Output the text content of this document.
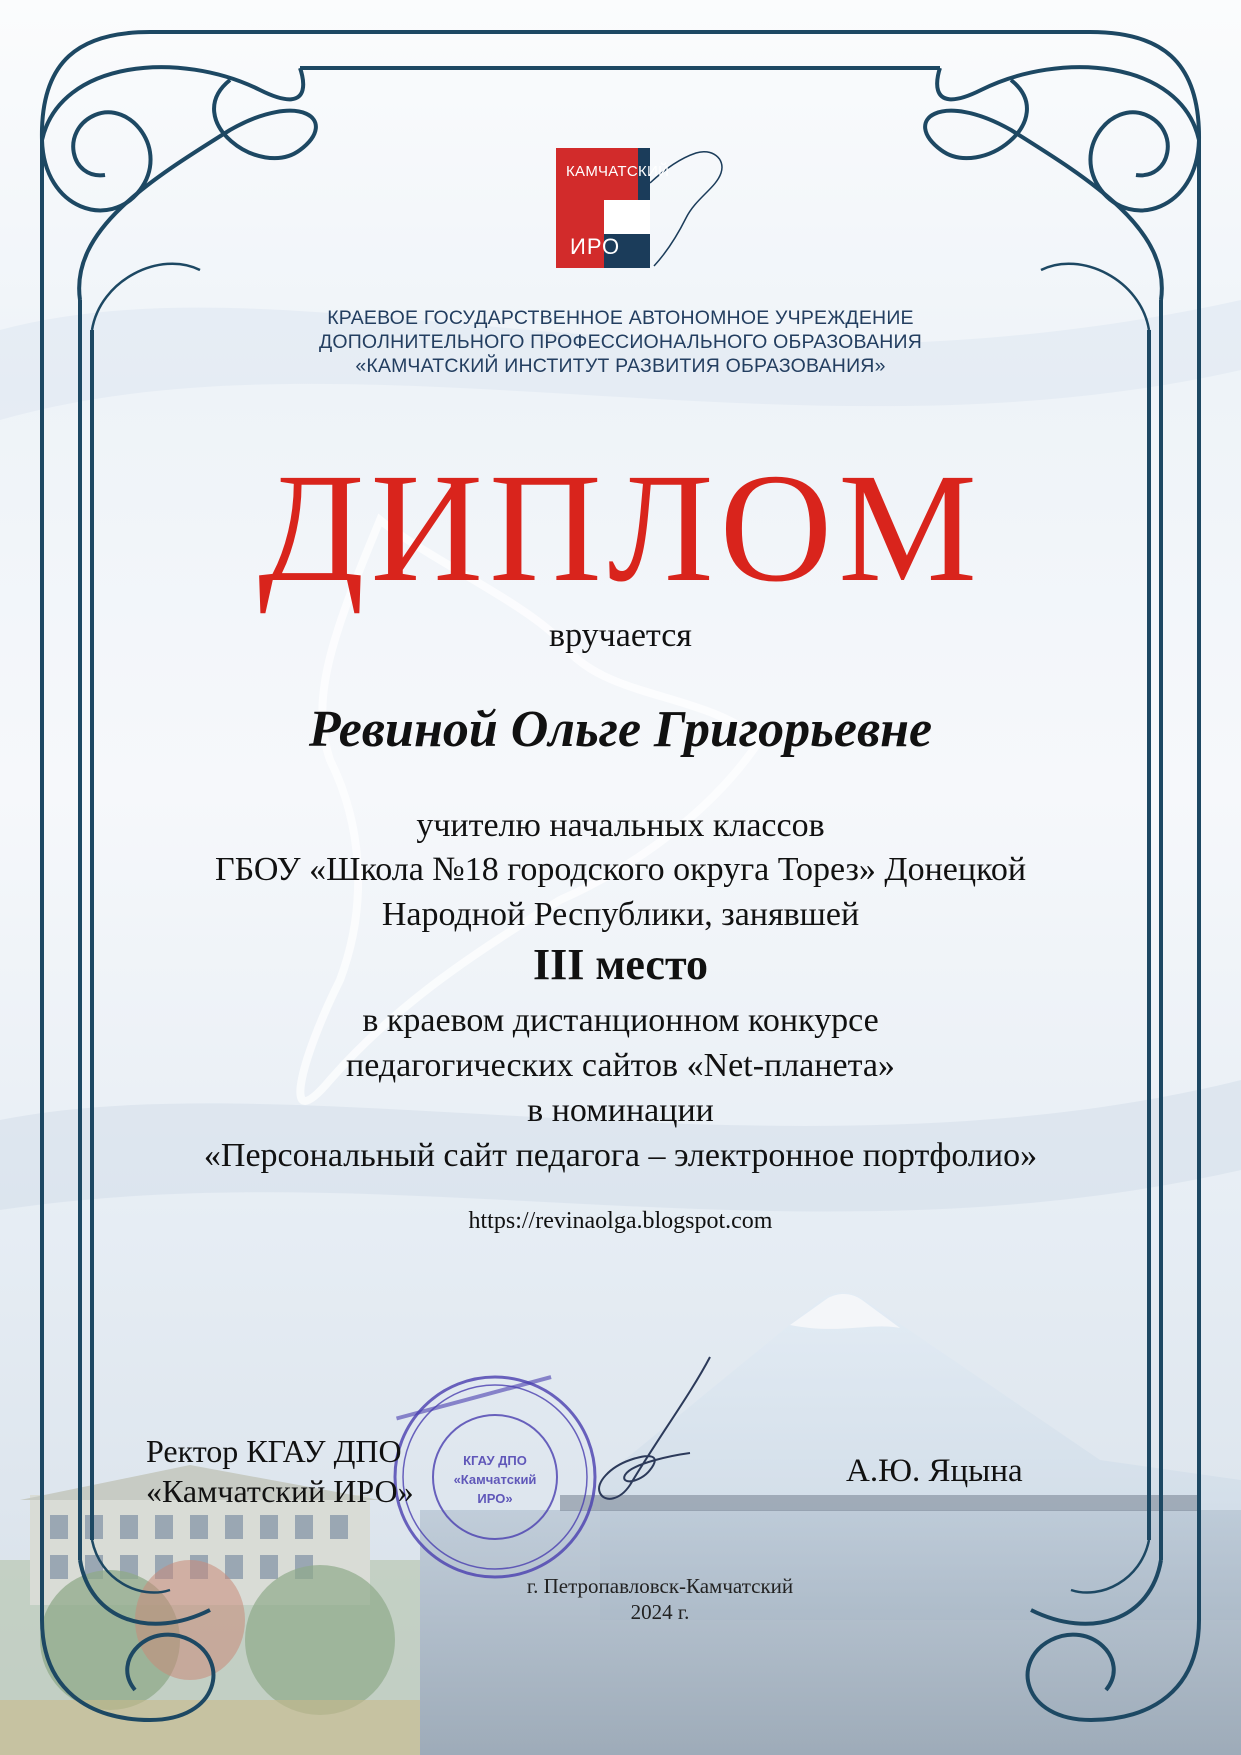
КАМЧАТСКИЙ
ИРО
КРАЕВОЕ ГОСУДАРСТВЕННОЕ АВТОНОМНОЕ УЧРЕЖДЕНИЕ
ДОПОЛНИТЕЛЬНОГО ПРОФЕССИОНАЛЬНОГО ОБРАЗОВАНИЯ
«КАМЧАТСКИЙ ИНСТИТУТ РАЗВИТИЯ ОБРАЗОВАНИЯ»
ДИПЛОМ
вручается
Ревиной Ольге Григорьевне
учителю начальных классов
ГБОУ «Школа №18 городского округа Торез» Донецкой
Народной Республики, занявшей
III место
в краевом дистанционном конкурсе
педагогических сайтов «Net-планета»
в номинации
«Персональный сайт педагога – электронное портфолио»
https://revinaolga.blogspot.com
КГАУ ДПО
«Камчатский
ИРО»
Ректор КГАУ ДПО
«Камчатский ИРО»
А.Ю. Яцына
г. Петропавловск-Камчатский
2024 г.
